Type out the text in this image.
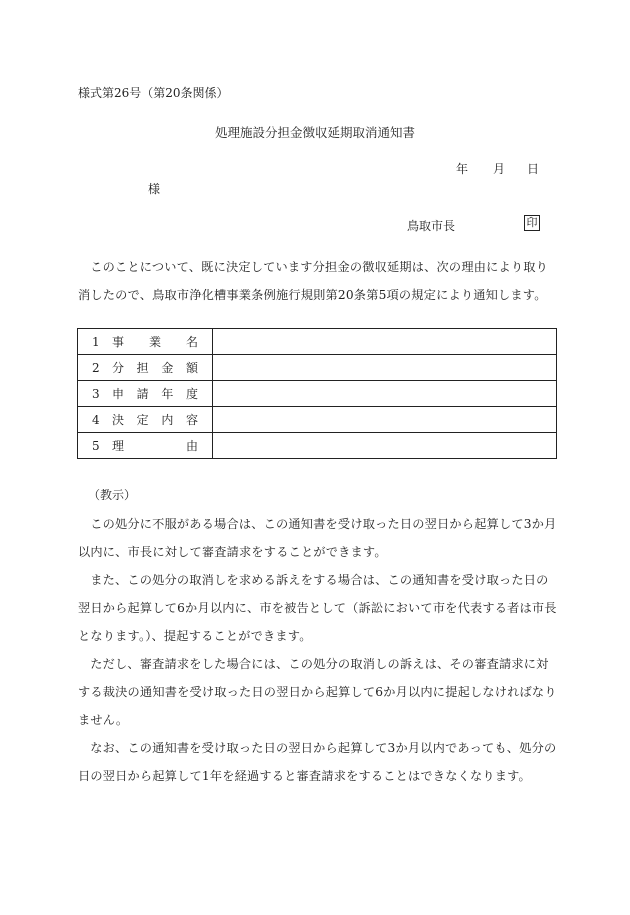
様式第26号（第20条関係）
処理施設分担金徴収延期取消通知書
年 月 日
様
鳥取市長	印
このことについて、既に決定しています分担金の徴収延期は、次の理由により取り消したので、鳥取市浄化槽事業条例施行規則第20条第5項の規定により通知します。
1 事業名	

2 分担金額	

3 申請年度	

4 決定内容	

5 理由	

（教示）

この処分に不服がある場合は、この通知書を受け取った日の翌日から起算して3か月以内に、市長に対して審査請求をすることができます。

また、この処分の取消しを求める訴えをする場合は、この通知書を受け取った日の翌日から起算して6か月以内に、市を被告として（訴訟において市を代表する者は市長となります。）、提起することができます。

ただし、審査請求をした場合には、この処分の取消しの訴えは、その審査請求に対する裁決の通知書を受け取った日の翌日から起算して6か月以内に提起しなければなりません。

なお、この通知書を受け取った日の翌日から起算して3か月以内であっても、処分の日の翌日から起算して1年を経過すると審査請求をすることはできなくなります。
